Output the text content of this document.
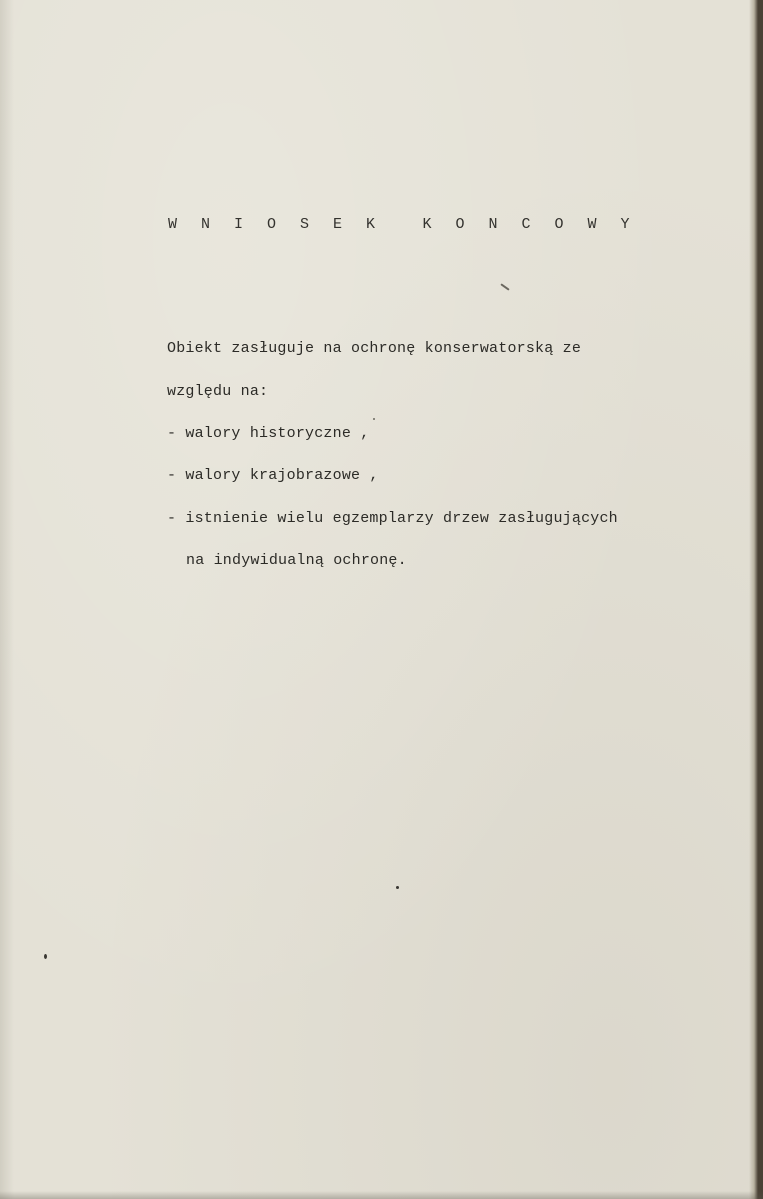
W N I O S E K	K O N C O W Y
Obiekt zasługuje na ochronę konserwatorską ze
względu na:
- walory historyczne ,
- walory krajobrazowe ,
- istnienie wielu egzemplarzy drzew zasługujących
na indywidualną ochronę.
